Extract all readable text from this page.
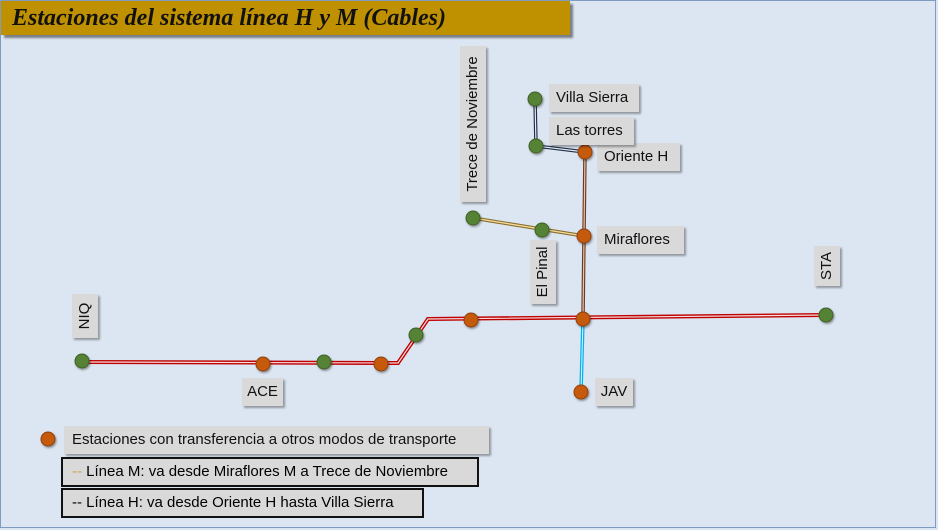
Estaciones del sistema línea H y M (Cables)
NIQ
ACE	JAV
STA
El Pinal
Trece de Noviembre
Miraflores
Oriente H
Las torres
Villa Sierra
Estaciones con transferencia a otros modos de transporte
-- Línea M: va desde Miraflores M a Trece de Noviembre
-- Línea H: va desde Oriente H hasta Villa Sierra
